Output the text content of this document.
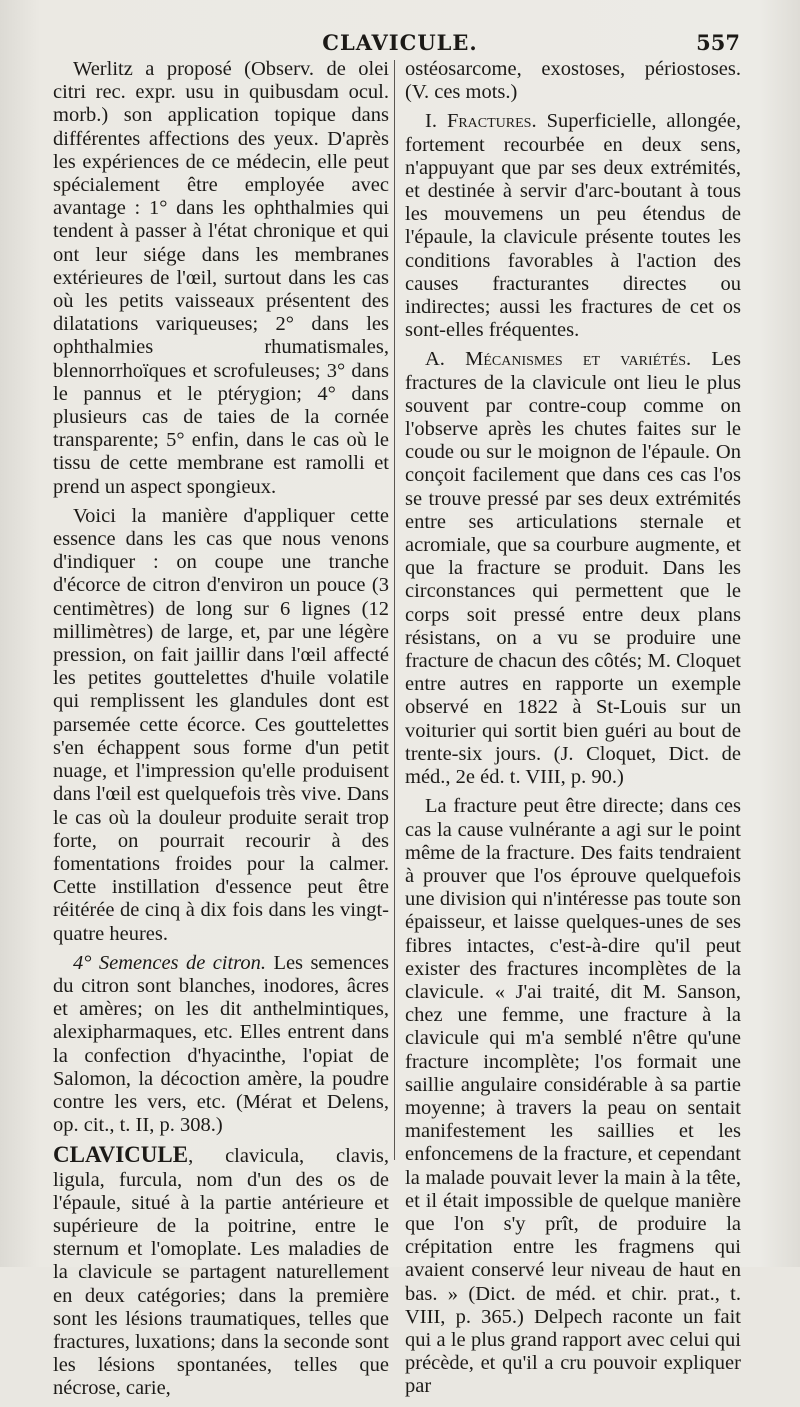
CLAVICULE.	557

Werlitz a proposé (Observ. de olei citri rec. expr. usu in quibusdam ocul. morb.) son application topique dans différentes affections des yeux. D'après les expériences de ce médecin, elle peut spécialement être employée avec avantage : 1° dans les ophthalmies qui tendent à passer à l'état chronique et qui ont leur siége dans les membranes extérieures de l'œil, surtout dans les cas où les petits vaisseaux présentent des dilatations variqueuses; 2° dans les ophthalmies rhumatismales, blennorrhoïques et scrofuleuses; 3° dans le pannus et le ptérygion; 4° dans plusieurs cas de taies de la cornée transparente; 5° enfin, dans le cas où le tissu de cette membrane est ramolli et prend un aspect spongieux.

Voici la manière d'appliquer cette essence dans les cas que nous venons d'indiquer : on coupe une tranche d'écorce de citron d'environ un pouce (3 centimètres) de long sur 6 lignes (12 millimètres) de large, et, par une légère pression, on fait jaillir dans l'œil affecté les petites gouttelettes d'huile volatile qui remplissent les glandules dont est parsemée cette écorce. Ces gouttelettes s'en échappent sous forme d'un petit nuage, et l'impression qu'elle produisent dans l'œil est quelquefois très vive. Dans le cas où la douleur produite serait trop forte, on pourrait recourir à des fomentations froides pour la calmer. Cette instillation d'essence peut être réitérée de cinq à dix fois dans les vingt-quatre heures.

4° Semences de citron. Les semences du citron sont blanches, inodores, âcres et amères; on les dit anthelmintiques, alexipharmaques, etc. Elles entrent dans la confection d'hyacinthe, l'opiat de Salomon, la décoction amère, la poudre contre les vers, etc. (Mérat et Delens, op. cit., t. II, p. 308.)

CLAVICULE, clavicula, clavis, ligula, furcula, nom d'un des os de l'épaule, situé à la partie antérieure et supérieure de la poitrine, entre le sternum et l'omoplate. Les maladies de la clavicule se partagent naturellement en deux catégories; dans la première sont les lésions traumatiques, telles que fractures, luxations; dans la seconde sont les lésions spontanées, telles que nécrose, carie,

ostéosarcome, exostoses, périostoses. (V. ces mots.)

I. Fractures. Superficielle, allongée, fortement recourbée en deux sens, n'appuyant que par ses deux extrémités, et destinée à servir d'arc-boutant à tous les mouvemens un peu étendus de l'épaule, la clavicule présente toutes les conditions favorables à l'action des causes fracturantes directes ou indirectes; aussi les fractures de cet os sont-elles fréquentes.

A. Mécanismes et variétés. Les fractures de la clavicule ont lieu le plus souvent par contre-coup comme on l'observe après les chutes faites sur le coude ou sur le moignon de l'épaule. On conçoit facilement que dans ces cas l'os se trouve pressé par ses deux extrémités entre ses articulations sternale et acromiale, que sa courbure augmente, et que la fracture se produit. Dans les circonstances qui permettent que le corps soit pressé entre deux plans résistans, on a vu se produire une fracture de chacun des côtés; M. Cloquet entre autres en rapporte un exemple observé en 1822 à St-Louis sur un voiturier qui sortit bien guéri au bout de trente-six jours. (J. Cloquet, Dict. de méd., 2e éd. t. VIII, p. 90.)

La fracture peut être directe; dans ces cas la cause vulnérante a agi sur le point même de la fracture. Des faits tendraient à prouver que l'os éprouve quelquefois une division qui n'intéresse pas toute son épaisseur, et laisse quelques-unes de ses fibres intactes, c'est-à-dire qu'il peut exister des fractures incomplètes de la clavicule. « J'ai traité, dit M. Sanson, chez une femme, une fracture à la clavicule qui m'a semblé n'être qu'une fracture incomplète; l'os formait une saillie angulaire considérable à sa partie moyenne; à travers la peau on sentait manifestement les saillies et les enfoncemens de la fracture, et cependant la malade pouvait lever la main à la tête, et il était impossible de quelque manière que l'on s'y prît, de produire la crépitation entre les fragmens qui avaient conservé leur niveau de haut en bas. » (Dict. de méd. et chir. prat., t. VIII, p. 365.) Delpech raconte un fait qui a le plus grand rapport avec celui qui précède, et qu'il a cru pouvoir expliquer par
